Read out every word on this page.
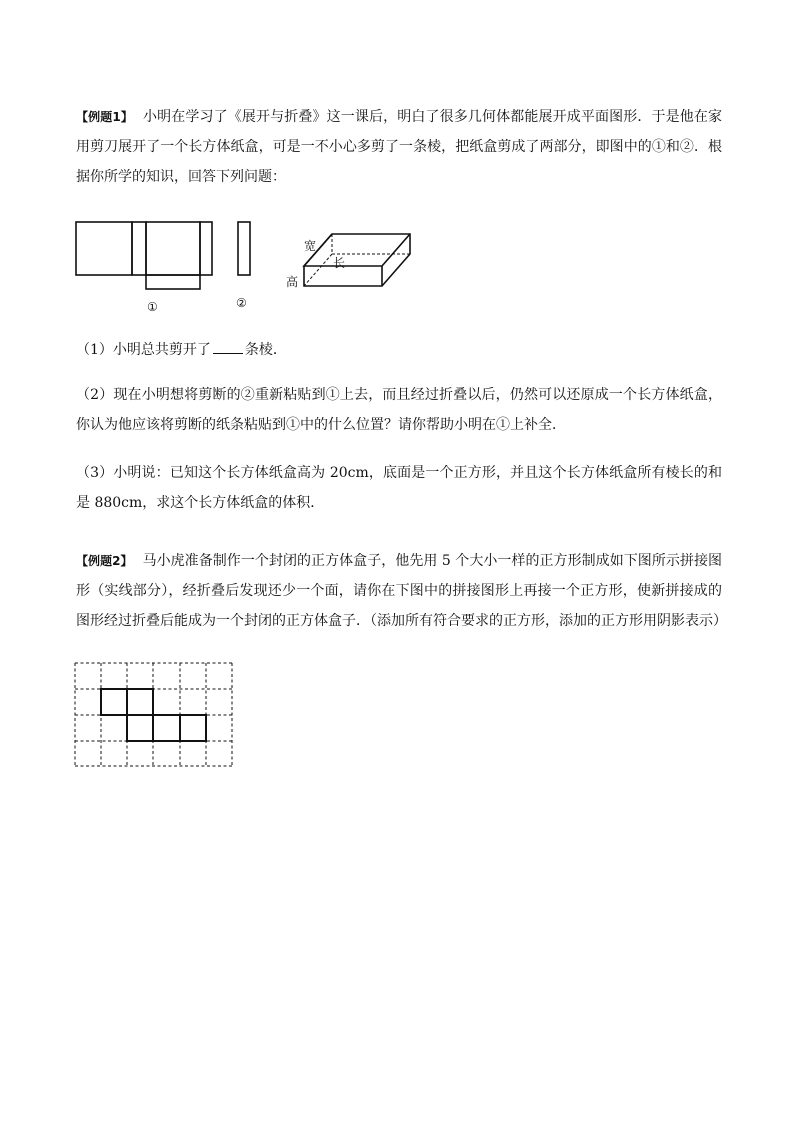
【例题1】 小明在学习了《展开与折叠》这一课后，明白了很多几何体都能展开成平面图形．于是他在家用剪刀展开了一个长方体纸盒，可是一不小心多剪了一条棱，把纸盒剪成了两部分，即图中的①和②．根据你所学的知识，回答下列问题：

①	②
宽
长
高

（1）小明总共剪开了 条棱．

（2）现在小明想将剪断的②重新粘贴到①上去，而且经过折叠以后，仍然可以还原成一个长方体纸盒，你认为他应该将剪断的纸条粘贴到①中的什么位置？请你帮助小明在①上补全．

（3）小明说：已知这个长方体纸盒高为 20cm，底面是一个正方形，并且这个长方体纸盒所有棱长的和是 880cm，求这个长方体纸盒的体积．

【例题2】 马小虎准备制作一个封闭的正方体盒子，他先用 5 个大小一样的正方形制成如下图所示拼接图形（实线部分），经折叠后发现还少一个面，请你在下图中的拼接图形上再接一个正方形，使新拼接成的图形经过折叠后能成为一个封闭的正方体盒子．（添加所有符合要求的正方形，添加的正方形用阴影表示）
